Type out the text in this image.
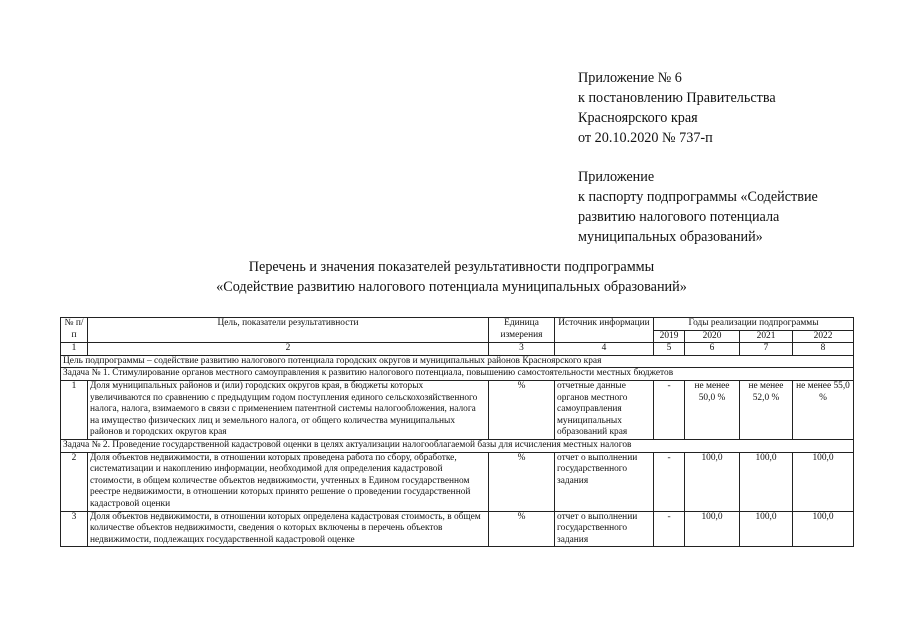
Приложение № 6
к постановлению Правительства
Красноярского края
от 20.10.2020 № 737-п
Приложение
к паспорту подпрограммы «Содействие
развитию налогового потенциала
муниципальных образований»
Перечень и значения показателей результативности подпрограммы
«Содействие развитию налогового потенциала муниципальных образований»
№ п/п	Цель, показатели результативности	Единица измерения	Источник информации	Годы реализации подпрограммы			
				2019	2020	2021	2022
1	2	3	4	5	6	7	8
Цель подпрограммы – содействие развитию налогового потенциала городских округов и муниципальных районов Красноярского края							
Задача № 1. Стимулирование органов местного самоуправления к развитию налогового потенциала, повышению самостоятельности местных бюджетов							
1	Доля муниципальных районов и (или) городских округов края, в бюджеты которых увеличиваются по сравнению с предыдущим годом поступления единого сельскохозяйственного налога, налога, взимаемого в связи с применением патентной системы налогообложения, налога на имущество физических лиц и земельного налога, от общего количества муниципальных районов и городских округов края	%	отчетные данные органов местного самоуправления муниципальных образований края	-	не менее 50,0 %	не менее 52,0 %	не менее 55,0 %
Задача № 2. Проведение государственной кадастровой оценки в целях актуализации налогооблагаемой базы для исчисления местных налогов							
2	Доля объектов недвижимости, в отношении которых проведена работа по сбору, обработке, систематизации и накоплению информации, необходимой для определения кадастровой стоимости, в общем количестве объектов недвижимости, учтенных в Едином государственном реестре недвижимости, в отношении которых принято решение о проведении государственной кадастровой оценки	%	отчет о выполнении государственного задания	-	100,0	100,0	100,0
3	Доля объектов недвижимости, в отношении которых определена кадастровая стоимость, в общем количестве объектов недвижимости, сведения о которых включены в перечень объектов недвижимости, подлежащих государственной кадастровой оценке	%	отчет о выполнении государственного задания	-	100,0	100,0	100,0
